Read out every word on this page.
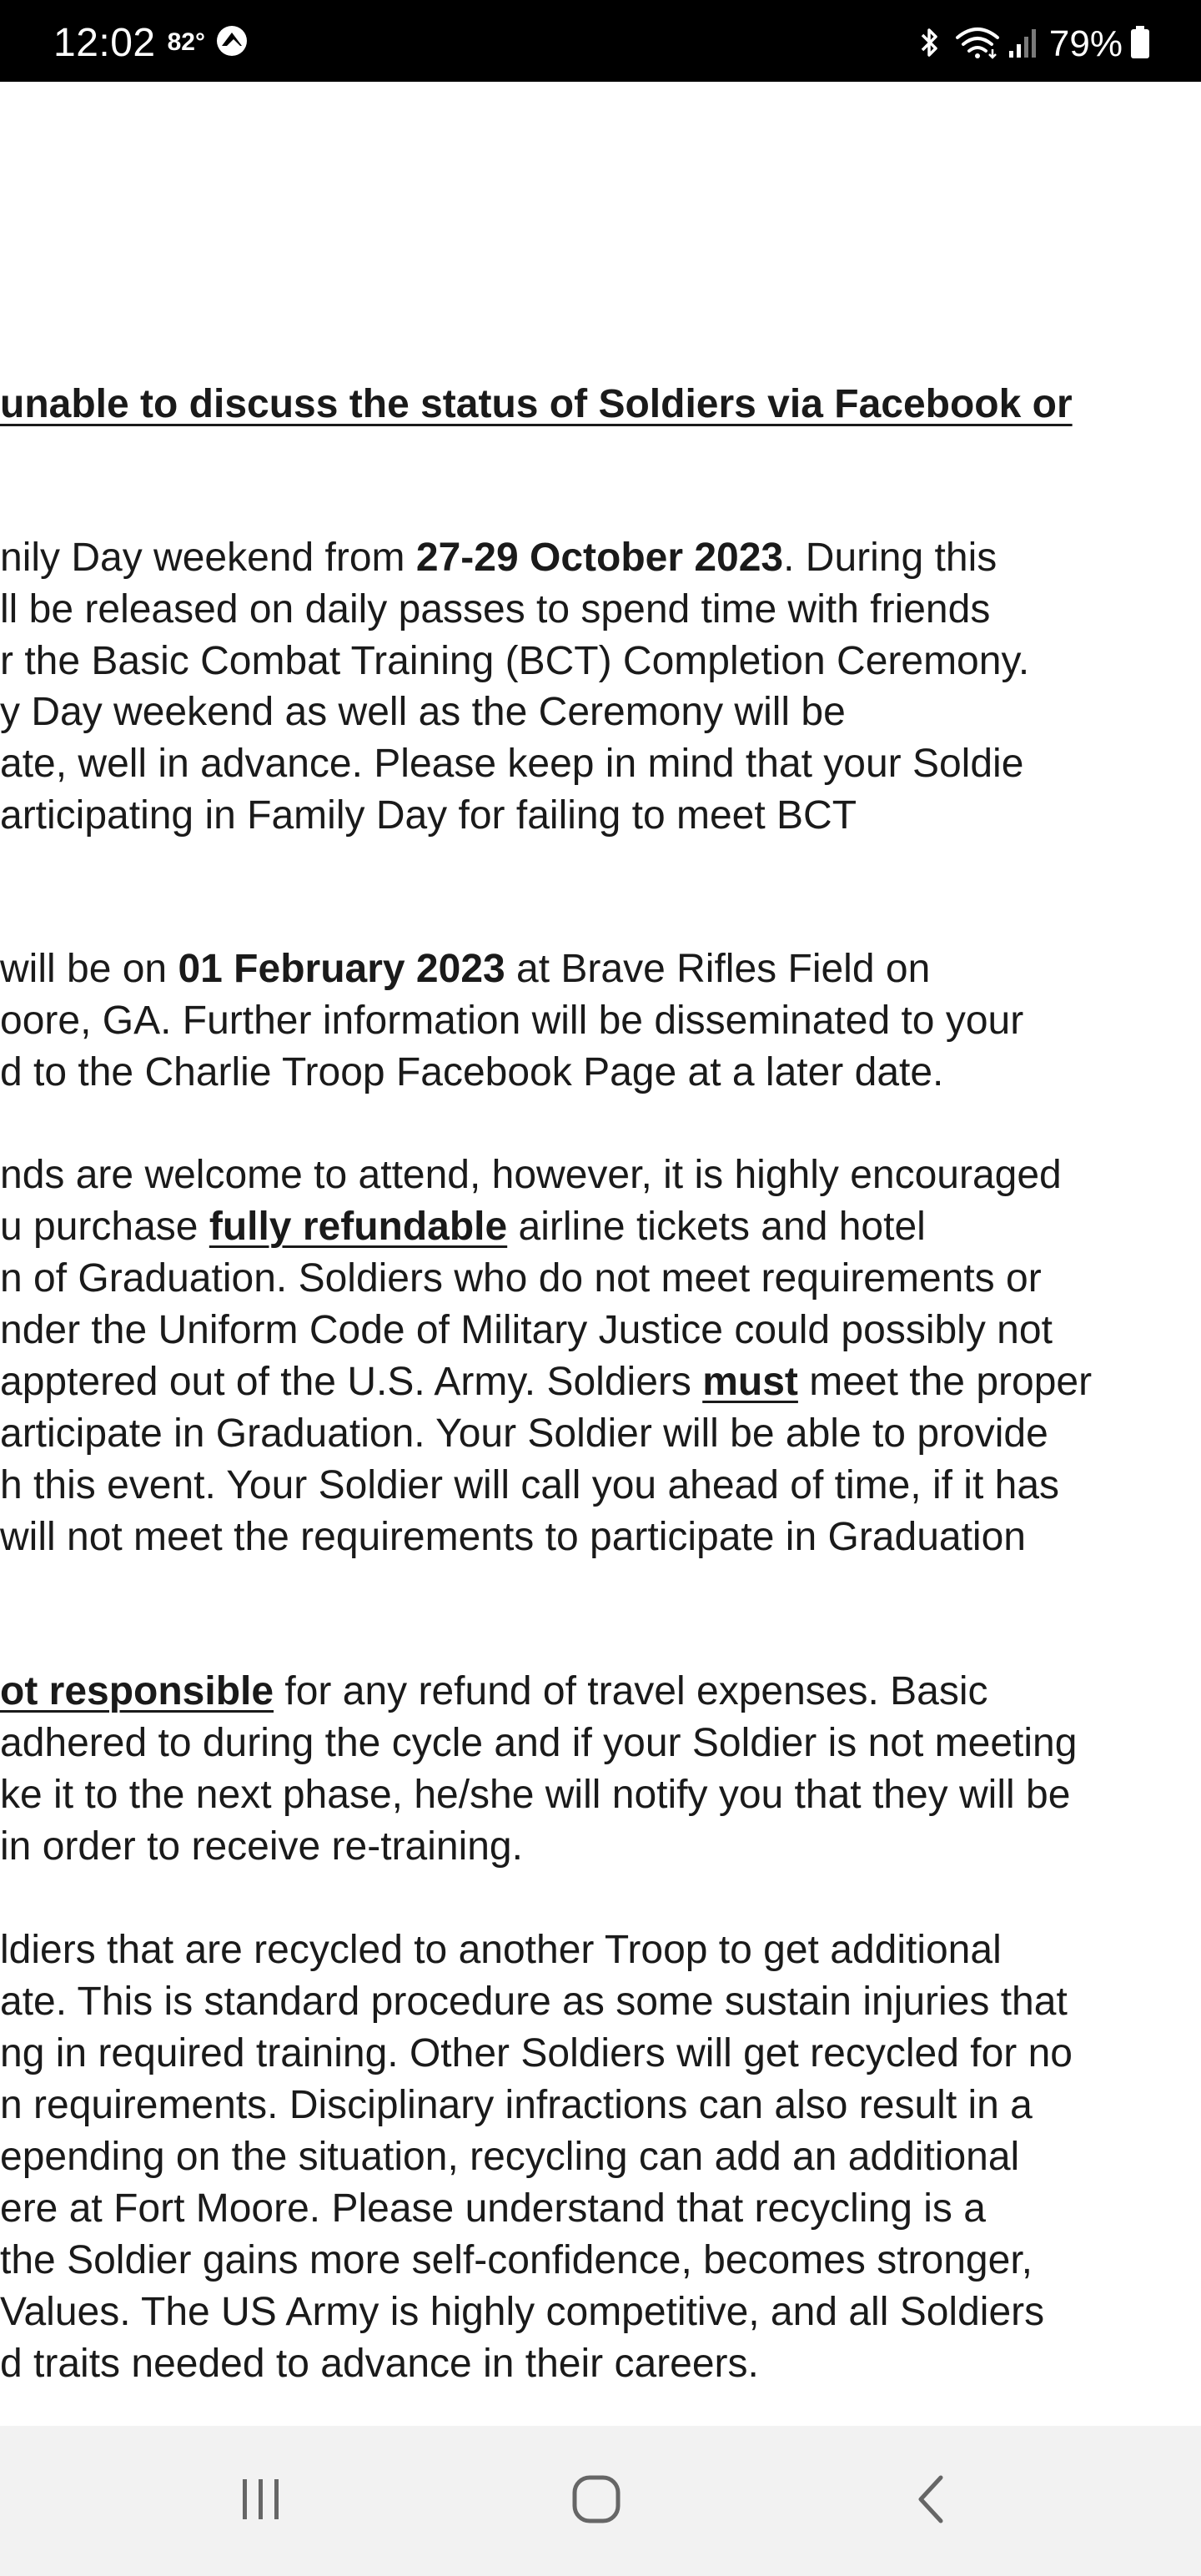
12:02 82°	79%
unable to discuss the status of Soldiers via Facebook or
nily Day weekend from 27-29 October 2023. During this
ll be released on daily passes to spend time with friends
r the Basic Combat Training (BCT) Completion Ceremony.
y Day weekend as well as the Ceremony will be
ate, well in advance. Please keep in mind that your Soldie
articipating in Family Day for failing to meet BCT
will be on 01 February 2023 at Brave Rifles Field on
oore, GA. Further information will be disseminated to your
d to the Charlie Troop Facebook Page at a later date.
nds are welcome to attend, however, it is highly encouraged
u purchase fully refundable airline tickets and hotel
n of Graduation. Soldiers who do not meet requirements or
nder the Uniform Code of Military Justice could possibly not
apptered out of the U.S. Army. Soldiers must meet the proper
articipate in Graduation. Your Soldier will be able to provide
h this event. Your Soldier will call you ahead of time, if it has
will not meet the requirements to participate in Graduation
ot responsible for any refund of travel expenses. Basic
adhered to during the cycle and if your Soldier is not meeting
ke it to the next phase, he/she will notify you that they will be
in order to receive re-training.
ldiers that are recycled to another Troop to get additional
ate. This is standard procedure as some sustain injuries that
ng in required training. Other Soldiers will get recycled for no
n requirements. Disciplinary infractions can also result in a
epending on the situation, recycling can add an additional
ere at Fort Moore. Please understand that recycling is a
the Soldier gains more self-confidence, becomes stronger,
Values. The US Army is highly competitive, and all Soldiers
d traits needed to advance in their careers.
